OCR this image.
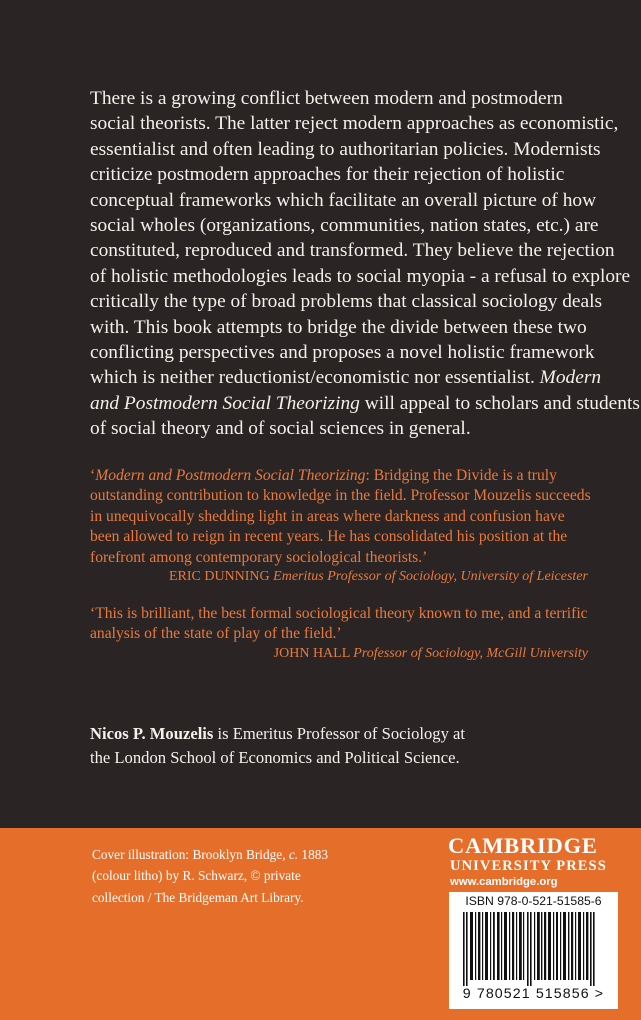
There is a growing conflict between modern and postmodern
social theorists. The latter reject modern approaches as economistic,
essentialist and often leading to authoritarian policies. Modernists
criticize postmodern approaches for their rejection of holistic
conceptual frameworks which facilitate an overall picture of how
social wholes (organizations, communities, nation states, etc.) are
constituted, reproduced and transformed. They believe the rejection
of holistic methodologies leads to social myopia - a refusal to explore
critically the type of broad problems that classical sociology deals
with. This book attempts to bridge the divide between these two
conflicting perspectives and proposes a novel holistic framework
which is neither reductionist/economistic nor essentialist. Modern
and Postmodern Social Theorizing will appeal to scholars and students
of social theory and of social sciences in general.

‘Modern and Postmodern Social Theorizing: Bridging the Divide is a truly
outstanding contribution to knowledge in the field. Professor Mouzelis succeeds
in unequivocally shedding light in areas where darkness and confusion have
been allowed to reign in recent years. He has consolidated his position at the
forefront among contemporary sociological theorists.’
ERIC DUNNING Emeritus Professor of Sociology, University of Leicester

‘This is brilliant, the best formal sociological theory known to me, and a terrific
analysis of the state of play of the field.’
JOHN HALL Professor of Sociology, McGill University

Nicos P. Mouzelis is Emeritus Professor of Sociology at
the London School of Economics and Political Science.
Cover illustration: Brooklyn Bridge, c. 1883
(colour litho) by R. Schwarz, © private
collection / The Bridgeman Art Library.
CAMBRIDGE
UNIVERSITY PRESS
www.cambridge.org
ISBN 978-0-521-51585-6
9 780521 515856 >
